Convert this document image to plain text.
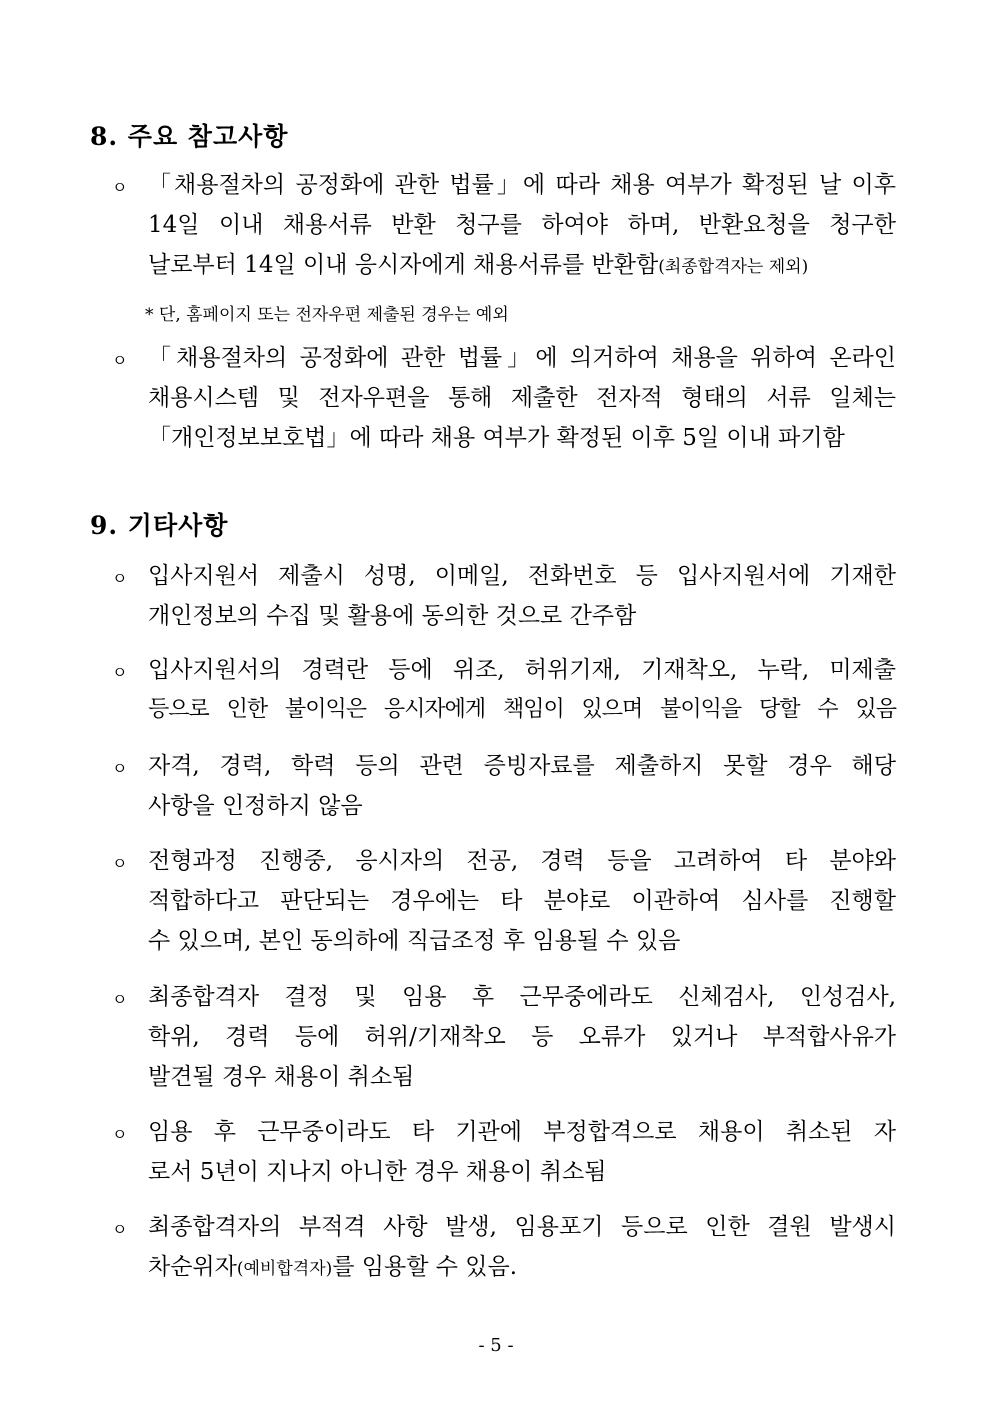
8. 주요 참고사항
ㅇ 「채용절차의 공정화에 관한 법률」에 따라 채용 여부가 확정된 날 이후
14일 이내 채용서류 반환 청구를 하여야 하며, 반환요청을 청구한
날로부터 14일 이내 응시자에게 채용서류를 반환함(최종합격자는 제외)
* 단, 홈페이지 또는 전자우편 제출된 경우는 예외
ㅇ 「채용절차의 공정화에 관한 법률」에 의거하여 채용을 위하여 온라인
채용시스템 및 전자우편을 통해 제출한 전자적 형태의 서류 일체는
「개인정보보호법」에 따라 채용 여부가 확정된 이후 5일 이내 파기함
9. 기타사항
ㅇ 입사지원서 제출시 성명, 이메일, 전화번호 등 입사지원서에 기재한
개인정보의 수집 및 활용에 동의한 것으로 간주함
ㅇ 입사지원서의 경력란 등에 위조, 허위기재, 기재착오, 누락, 미제출
등으로 인한 불이익은 응시자에게 책임이 있으며 불이익을 당할 수 있음
ㅇ 자격, 경력, 학력 등의 관련 증빙자료를 제출하지 못할 경우 해당
사항을 인정하지 않음
ㅇ 전형과정 진행중, 응시자의 전공, 경력 등을 고려하여 타 분야와
적합하다고 판단되는 경우에는 타 분야로 이관하여 심사를 진행할
수 있으며, 본인 동의하에 직급조정 후 임용될 수 있음
ㅇ 최종합격자 결정 및 임용 후 근무중에라도 신체검사, 인성검사,
학위, 경력 등에 허위/기재착오 등 오류가 있거나 부적합사유가
발견될 경우 채용이 취소됨
ㅇ 임용 후 근무중이라도 타 기관에 부정합격으로 채용이 취소된 자
로서 5년이 지나지 아니한 경우 채용이 취소됨
ㅇ 최종합격자의 부적격 사항 발생, 임용포기 등으로 인한 결원 발생시
차순위자(예비합격자)를 임용할 수 있음.
- 5 -
